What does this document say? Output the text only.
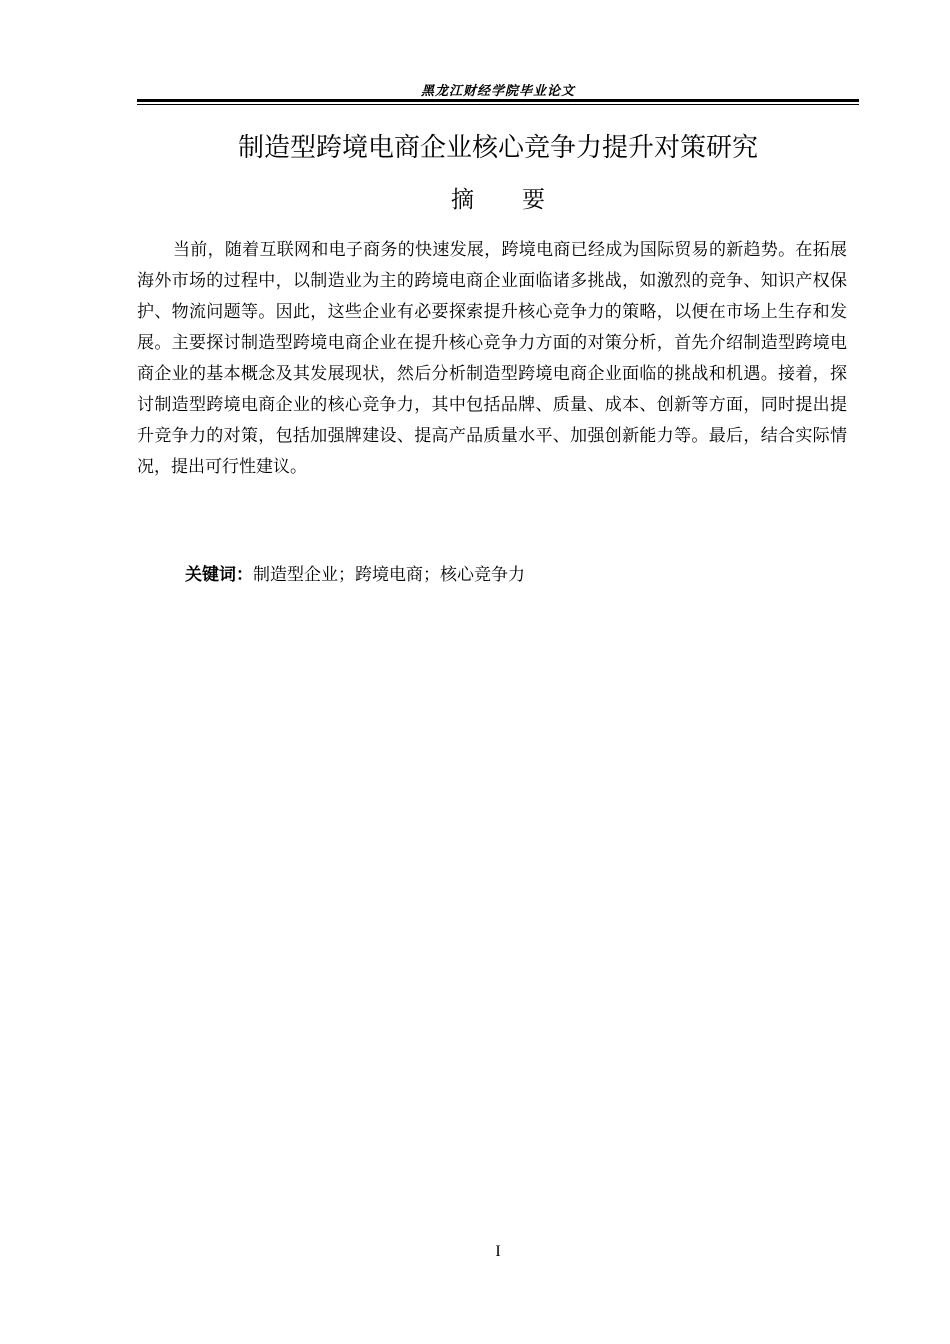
黑龙江财经学院毕业论文
制造型跨境电商企业核心竞争力提升对策研究
摘要

当前，随着互联网和电子商务的快速发展，跨境电商已经成为国际贸易的新趋势。在拓展海外市场的过程中，以制造业为主的跨境电商企业面临诸多挑战，如激烈的竞争、知识产权保护、物流问题等。因此，这些企业有必要探索提升核心竞争力的策略，以便在市场上生存和发展。主要探讨制造型跨境电商企业在提升核心竞争力方面的对策分析，首先介绍制造型跨境电商企业的基本概念及其发展现状，然后分析制造型跨境电商企业面临的挑战和机遇。接着，探讨制造型跨境电商企业的核心竞争力，其中包括品牌、质量、成本、创新等方面，同时提出提升竞争力的对策，包括加强牌建设、提高产品质量水平、加强创新能力等。最后，结合实际情况，提出可行性建议。

关键词：制造型企业；跨境电商；核心竞争力
I
